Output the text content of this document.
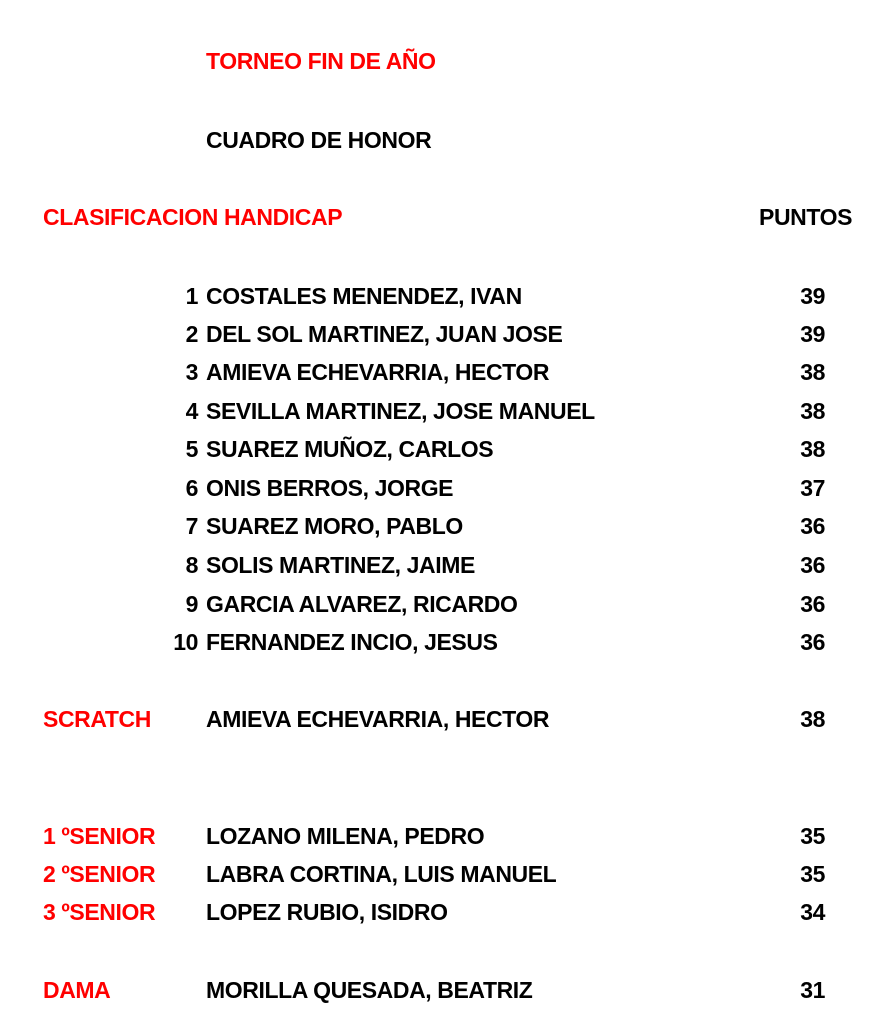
TORNEO FIN DE AÑO
CUADRO DE HONOR
CLASIFICACION HANDICAP	PUNTOS
1 COSTALES MENENDEZ, IVAN	39
2 DEL SOL MARTINEZ, JUAN JOSE	39
3 AMIEVA ECHEVARRIA, HECTOR	38
4 SEVILLA MARTINEZ, JOSE MANUEL	38
5 SUAREZ MUÑOZ, CARLOS	38
6 ONIS BERROS, JORGE	37
7 SUAREZ MORO, PABLO	36
8 SOLIS MARTINEZ, JAIME	36
9 GARCIA ALVAREZ, RICARDO	36
10 FERNANDEZ INCIO, JESUS	36
SCRATCH AMIEVA ECHEVARRIA, HECTOR	38
1 ºSENIOR LOZANO MILENA, PEDRO	35
2 ºSENIOR LABRA CORTINA, LUIS MANUEL	35
3 ºSENIOR LOPEZ RUBIO, ISIDRO	34
DAMA	MORILLA QUESADA, BEATRIZ	31
